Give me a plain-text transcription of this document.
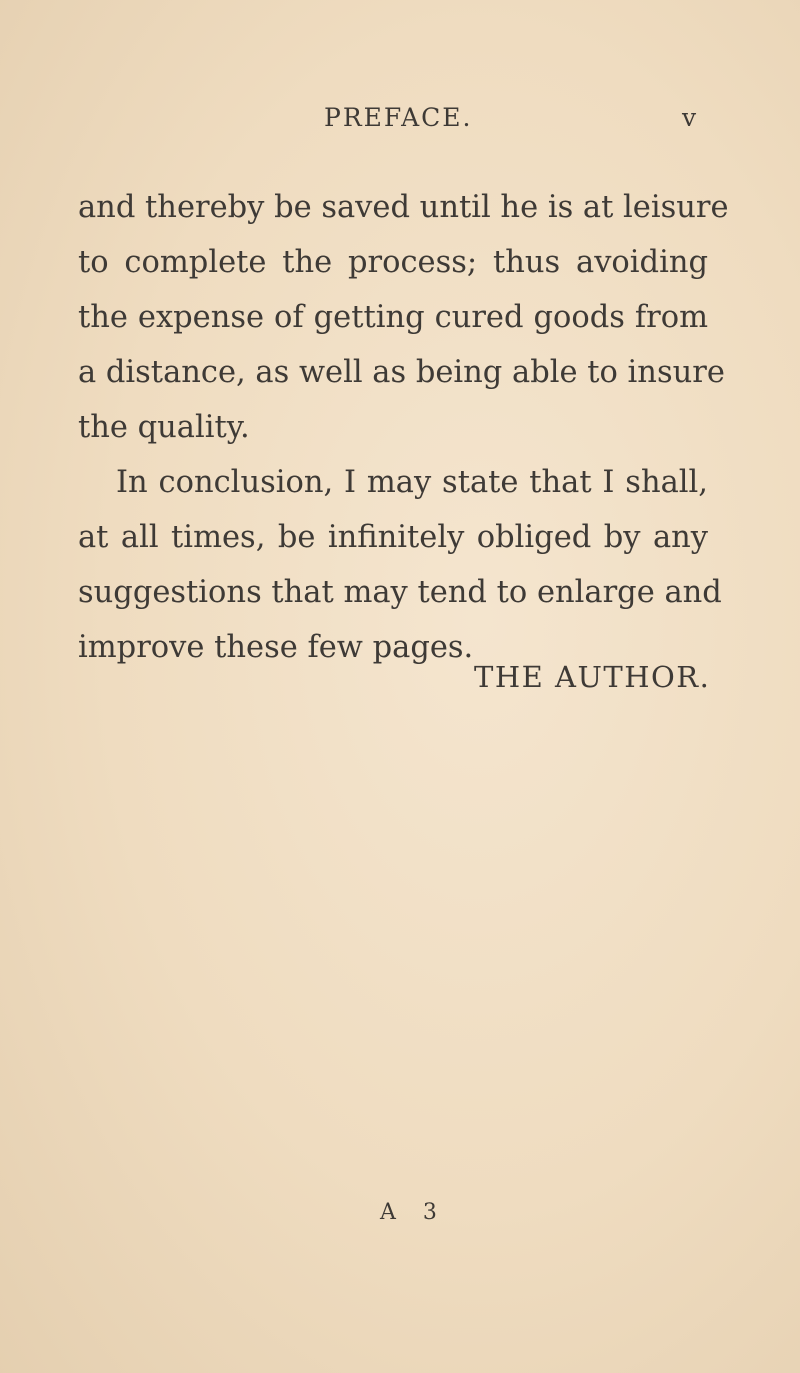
PREFACE.	v
and thereby be saved until he is at leisure
to complete the process; thus avoiding
the expense of getting cured goods from
a distance, as well as being able to insure
the quality.
In conclusion, I may state that I shall,
at all times, be infinitely obliged by any
suggestions that may tend to enlarge and
improve these few pages.
THE AUTHOR.
A 3
